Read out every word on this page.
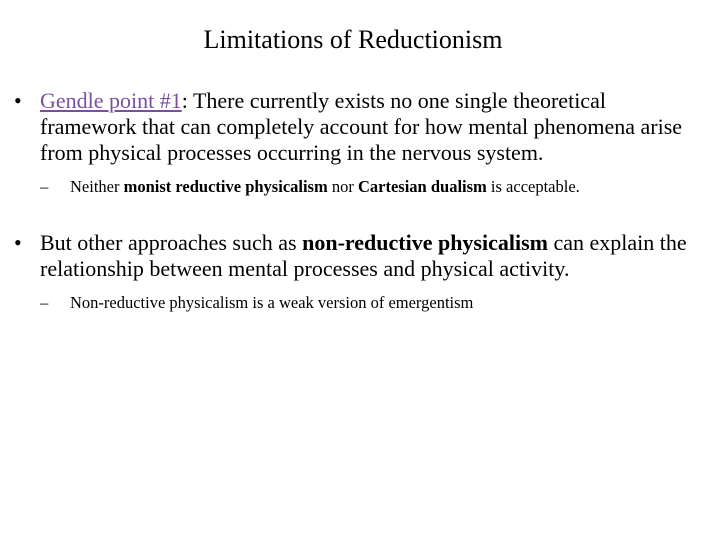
Limitations of Reductionism
• Gendle point #1: There currently exists no one single theoretical framework that can completely account for how mental phenomena arise from physical processes occurring in the nervous system.
– Neither monist reductive physicalism nor Cartesian dualism is acceptable.
• But other approaches such as non-reductive physicalism can explain the relationship between mental processes and physical activity.
– Non-reductive physicalism is a weak version of emergentism
